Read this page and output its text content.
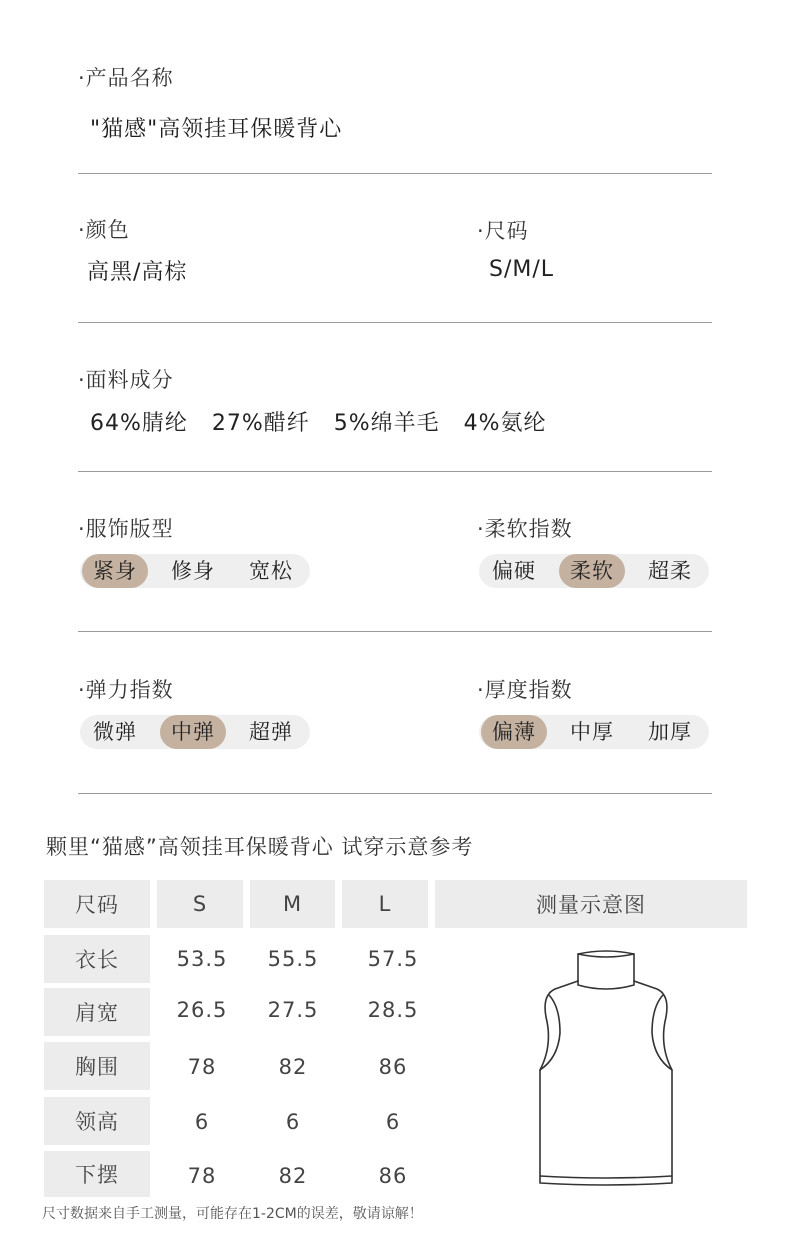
·产品名称
"猫感"高领挂耳保暖背心
·颜色
高黑/高棕
·尺码
S/M/L
·面料成分
64%腈纶   27%醋纤   5%绵羊毛   4%氨纶
·服饰版型
紧身	修身	宽松
·柔软指数
偏硬	柔软	超柔
·弹力指数
微弹	中弹	超弹
·厚度指数
偏薄	中厚	加厚
颗里“猫感”高领挂耳保暖背心 试穿示意参考
尺码	S	M	L	测量示意图
衣长	53.5	55.5	57.5
肩宽	26.5	27.5	28.5
胸围	78	82	86
领高	6	6	6
下摆	78	82	86
尺寸数据来自手工测量，可能存在1-2CM的误差，敬请谅解！
